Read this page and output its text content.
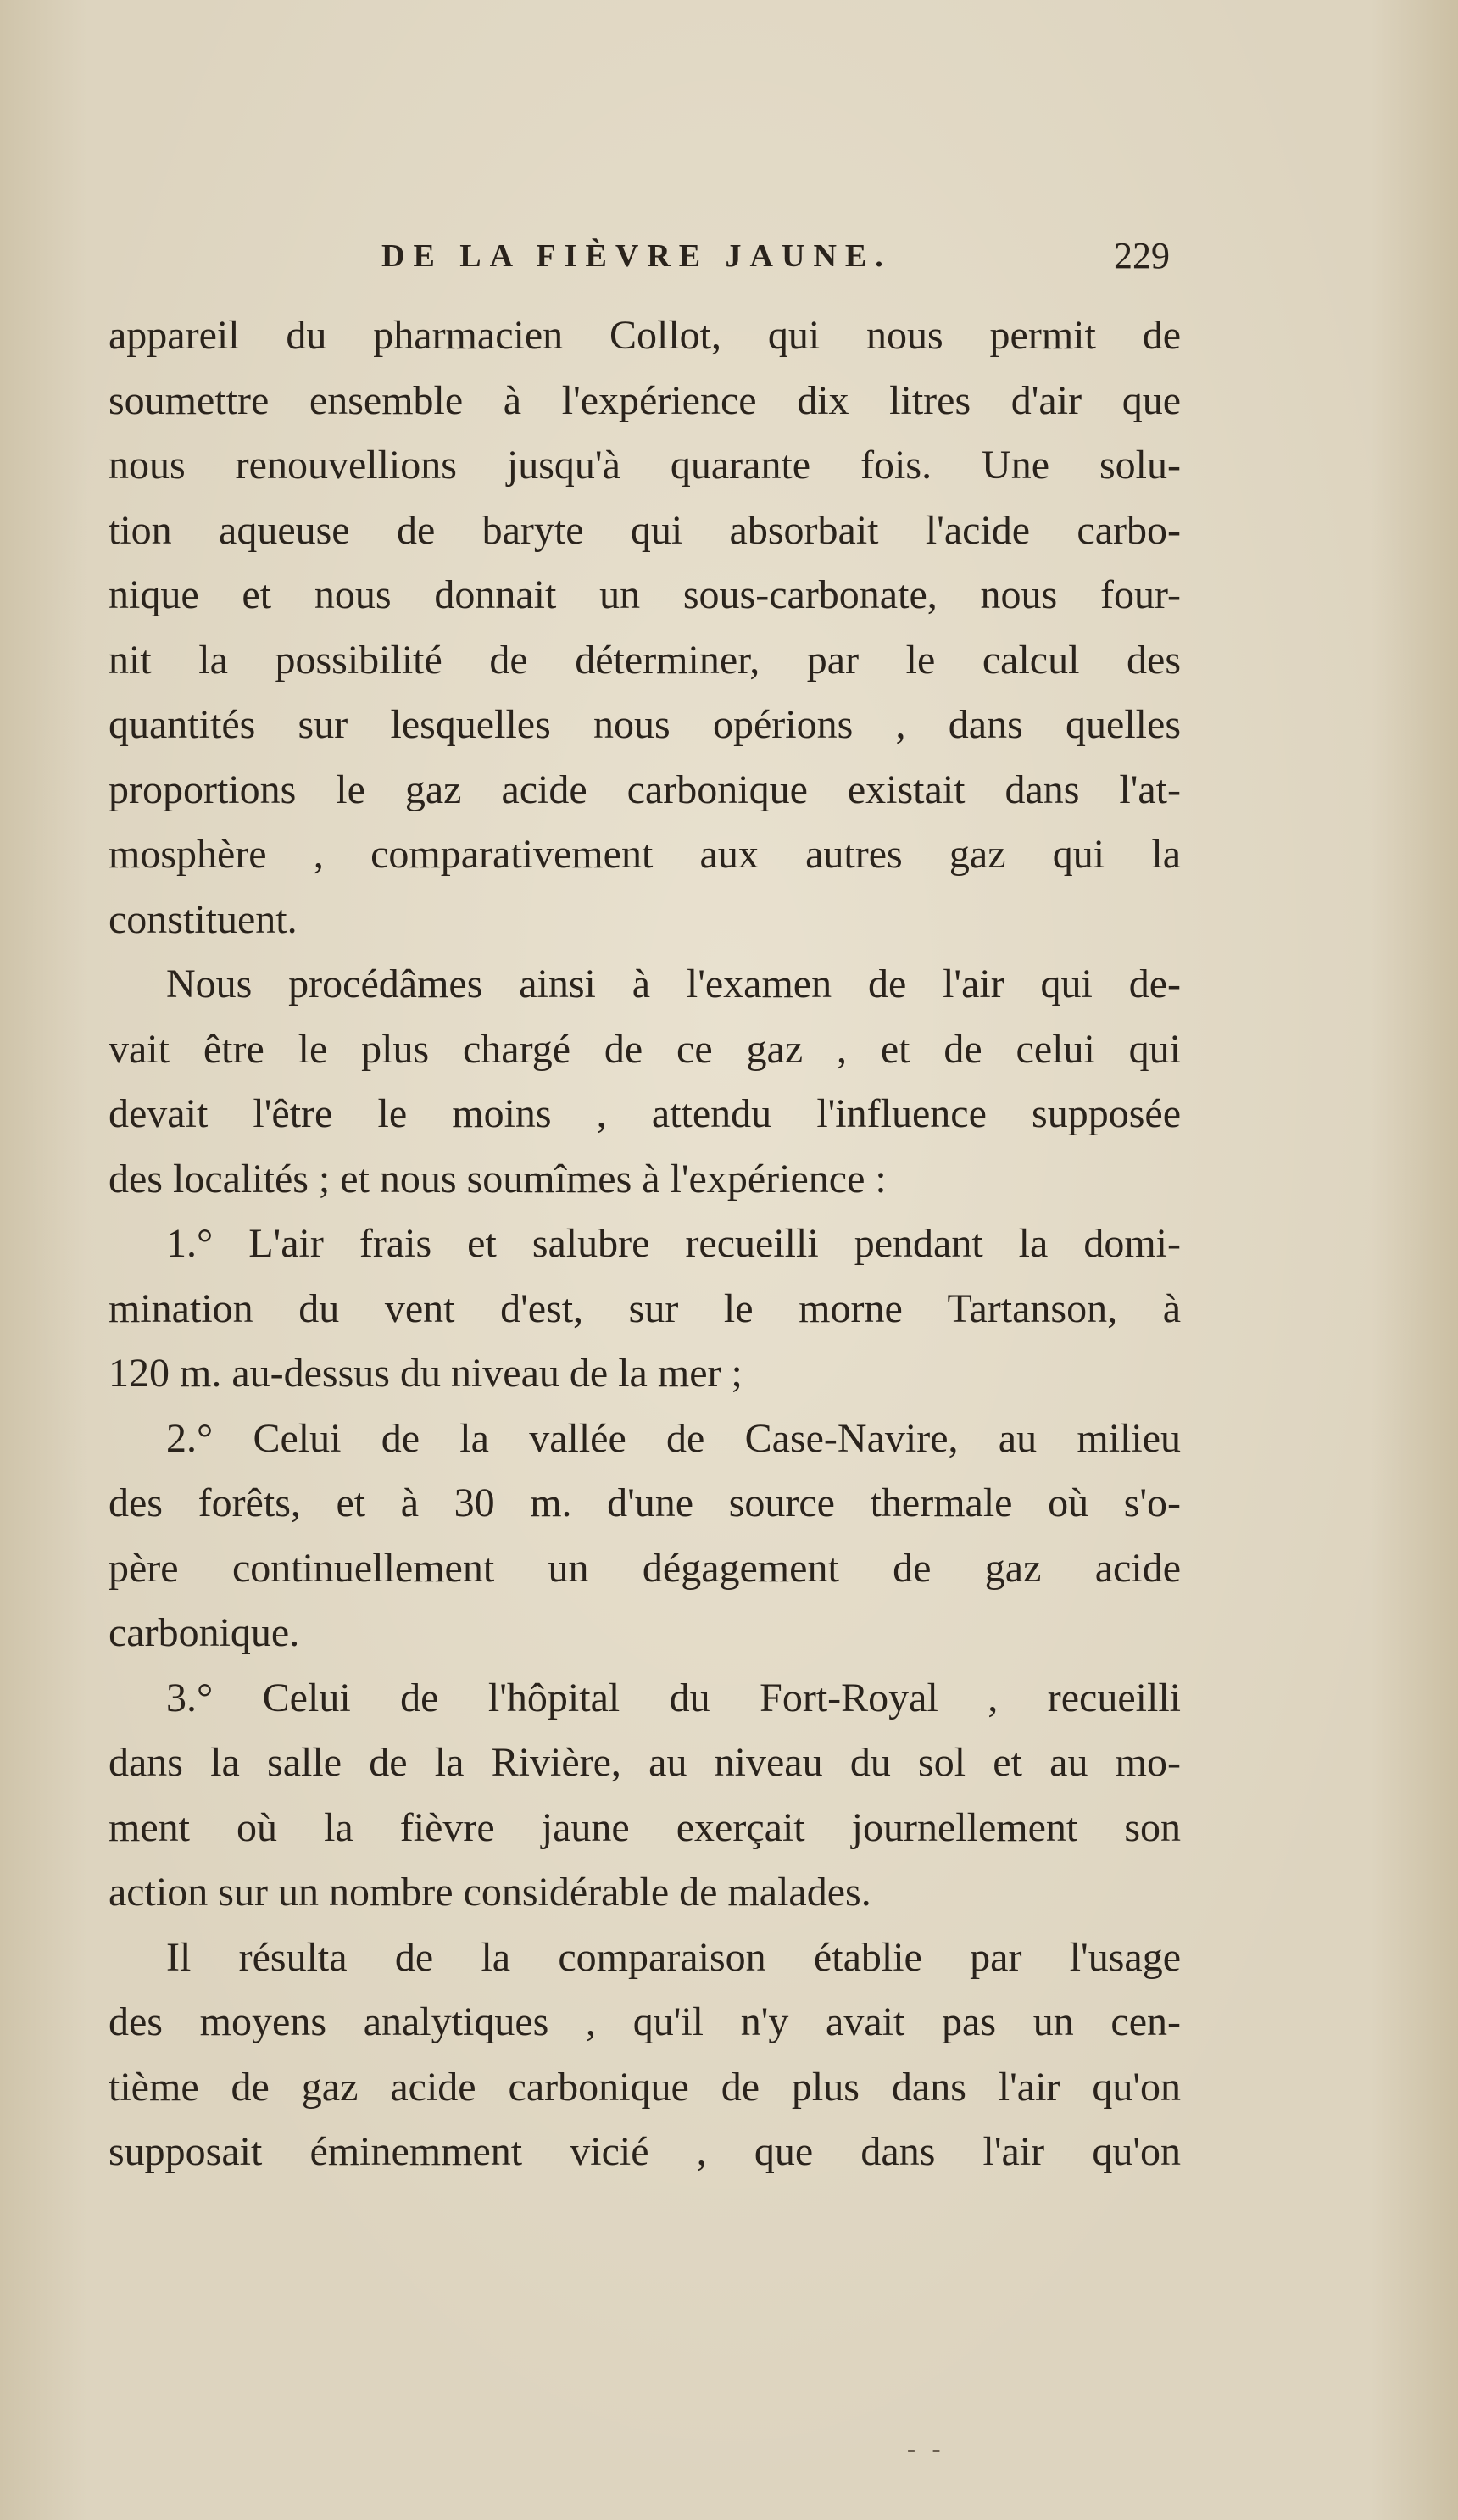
DE LA FIÈVRE JAUNE.	229
appareil du pharmacien Collot, qui nous permit de
soumettre ensemble à l'expérience dix litres d'air que
nous renouvellions jusqu'à quarante fois. Une solu-
tion aqueuse de baryte qui absorbait l'acide carbo-
nique et nous donnait un sous-carbonate, nous four-
nit la possibilité de déterminer, par le calcul des
quantités sur lesquelles nous opérions , dans quelles
proportions le gaz acide carbonique existait dans l'at-
mosphère , comparativement aux autres gaz qui la
constituent.
Nous procédâmes ainsi à l'examen de l'air qui de-
vait être le plus chargé de ce gaz , et de celui qui
devait l'être le moins , attendu l'influence supposée
des localités ; et nous soumîmes à l'expérience :
1.° L'air frais et salubre recueilli pendant la domi-
mination du vent d'est, sur le morne Tartanson, à
120 m. au-dessus du niveau de la mer ;
2.° Celui de la vallée de Case-Navire, au milieu
des forêts, et à 30 m. d'une source thermale où s'o-
père continuellement un dégagement de gaz acide
carbonique.
3.° Celui de l'hôpital du Fort-Royal , recueilli
dans la salle de la Rivière, au niveau du sol et au mo-
ment où la fièvre jaune exerçait journellement son
action sur un nombre considérable de malades.
Il résulta de la comparaison établie par l'usage
des moyens analytiques , qu'il n'y avait pas un cen-
tième de gaz acide carbonique de plus dans l'air qu'on
supposait éminemment vicié , que dans l'air qu'on
- -
